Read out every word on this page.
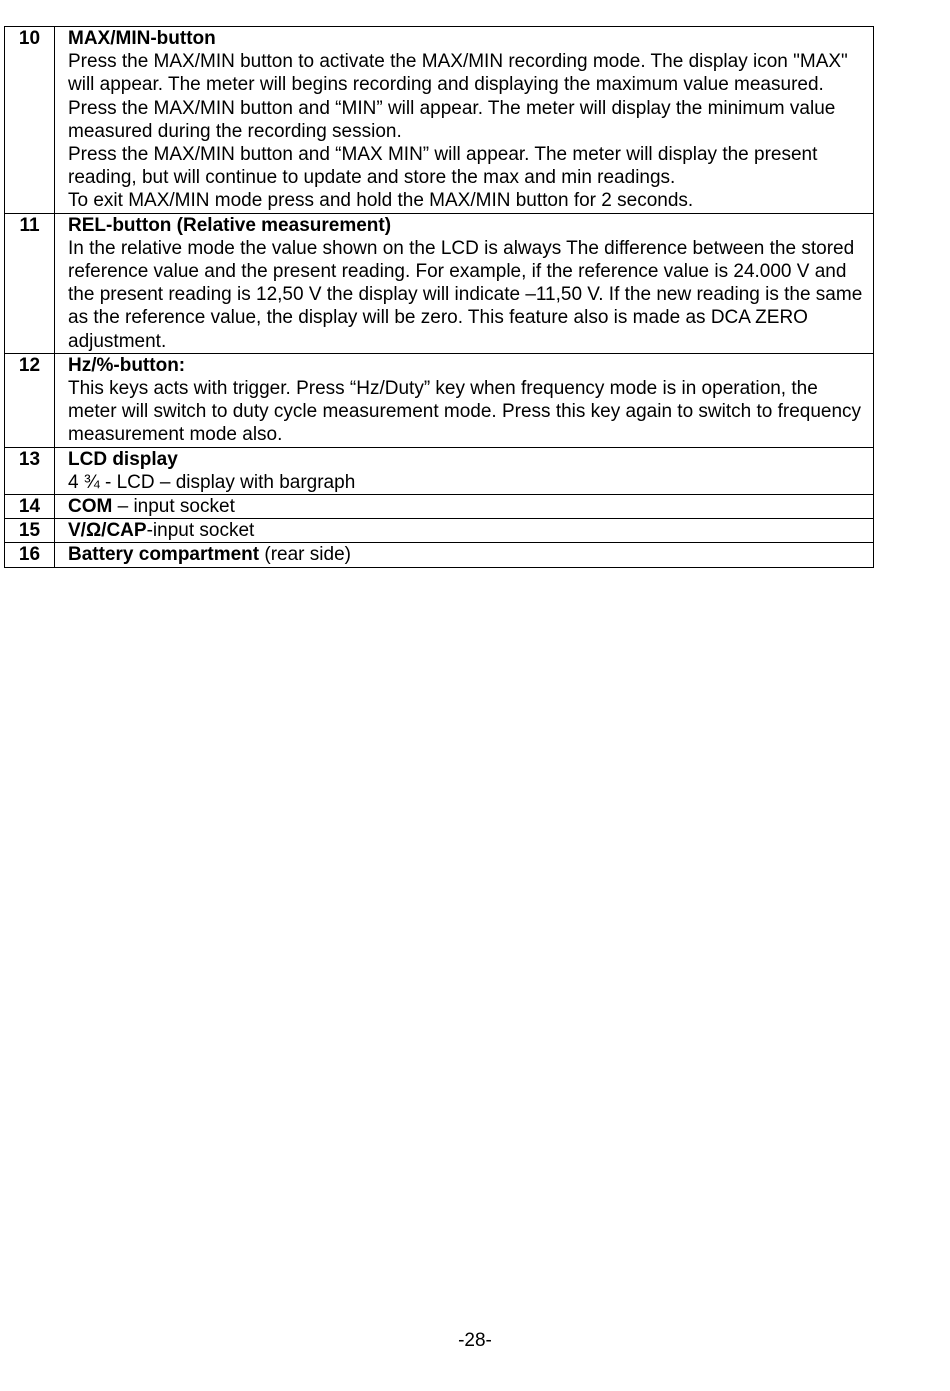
10	MAX/MIN-button
Press the MAX/MIN button to activate the MAX/MIN recording mode. The display icon "MAX" will appear. The meter will begins recording and displaying the maximum value measured.
Press the MAX/MIN button and “MIN” will appear. The meter will display the minimum value measured during the recording session.
Press the MAX/MIN button and “MAX MIN” will appear. The meter will display the present reading, but will continue to update and store the max and min readings.
To exit MAX/MIN mode press and hold the MAX/MIN button for 2 seconds.

11	REL-button (Relative measurement)
In the relative mode the value shown on the LCD is always The difference between the stored reference value and the present reading. For example, if the reference value is 24.000 V and the present reading is 12,50 V the display will indicate –11,50 V. If the new reading is the same as the reference value, the display will be zero. This feature also is made as DCA ZERO adjustment.

12	Hz/%-button:
This keys acts with trigger. Press “Hz/Duty” key when frequency mode is in operation, the meter will switch to duty cycle measurement mode. Press this key again to switch to frequency measurement mode also.

13	LCD display
4 ¾ - LCD – display with bargraph

14	COM – input socket
15	V/Ω/CAP-input socket
16	Battery compartment (rear side)
-28-
